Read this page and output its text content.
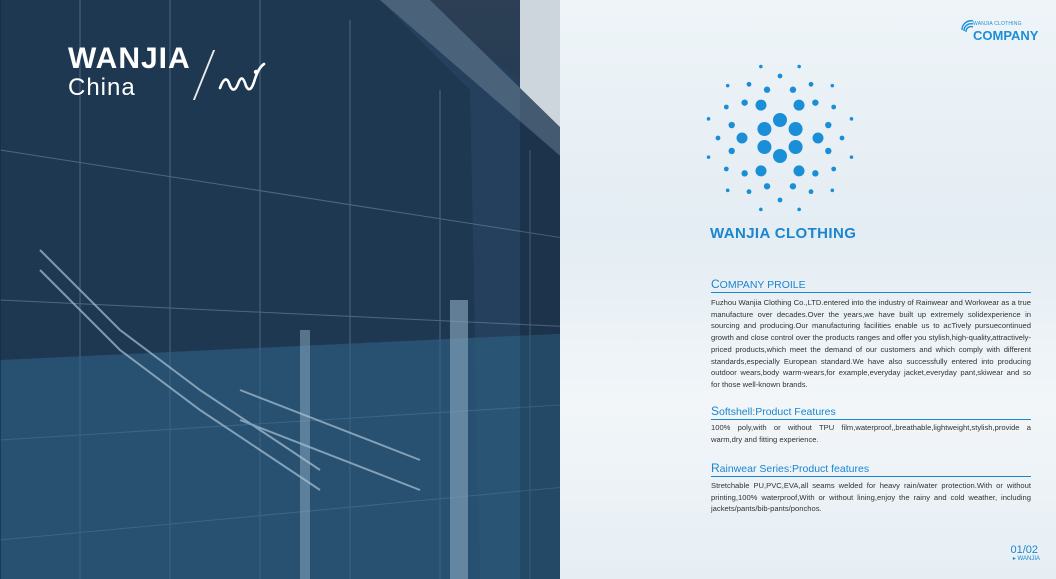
WANJIA
China
WANJIA CLOTHING
COMPANY
WANJIA CLOTHING
COMPANY PROILE
Fuzhou Wanjia Clothing Co.,LTD.entered into the industry of Rainwear and Workwear as a true manufacture over decades.Over the years,we have built up extremely solidexperience in sourcing and producing.Our manufacturing facilities enable us to acTively pursuecontinued growth and close control over the products ranges and offer you stylish,high-quality,attractively-priced products,which meet the demand of our customers and which comply with different standards,especially European standard.We have also successfully entered into producing outdoor wears,body warm-wears,for example,everyday jacket,everyday pant,skiwear and so for those well-known brands.
Softshell:Product Features
100% poly,with or without TPU film,waterproof,,breathable,lightweight,stylish,provide a warm,dry and fitting experience.
Rainwear Series:Product features
Stretchable PU,PVC,EVA,all seams welded for heavy rain/water protection.With or without printing,100% waterproof,With or without lining,enjoy the rainy and cold weather, including jackets/pants/bib-pants/ponchos.
01/02
▸ WANJIA
